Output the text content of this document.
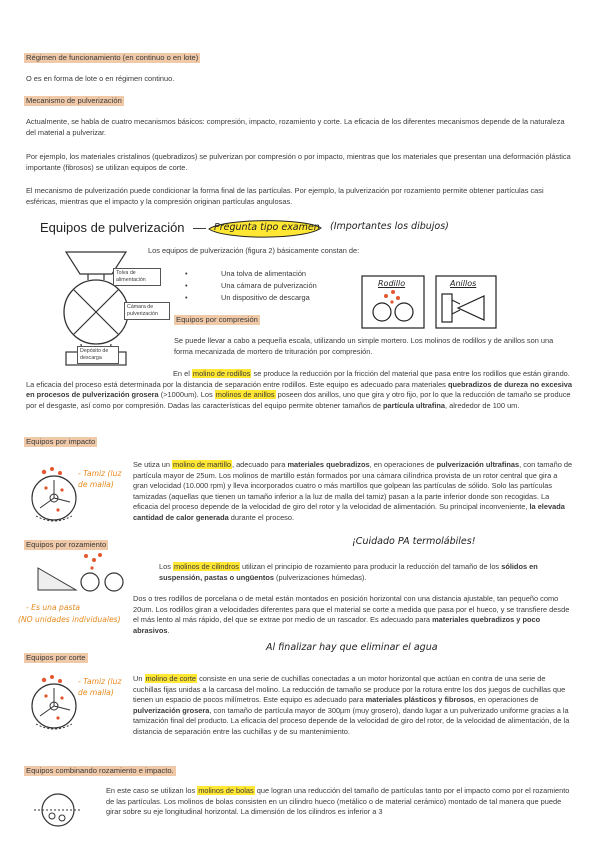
Régimen de funcionamiento (en continuo o en lote)

O es en forma de lote o en régimen continuo.

Mecanismo de pulverización

Actualmente, se habla de cuatro mecanismos básicos: compresión, impacto, rozamiento y corte. La eficacia de los diferentes mecanismos depende de la naturaleza del material a pulverizar.

Por ejemplo, los materiales cristalinos (quebradizos) se pulverizan por compresión o por impacto, mientras que los materiales que presentan una deformación plástica importante (fibrosos) se utilizan equipos de corte.

El mecanismo de pulverización puede condicionar la forma final de las partículas. Por ejemplo, la pulverización por rozamiento permite obtener partículas casi esféricas, mientras que el impacto y la compresión originan partículas angulosas.

Equipos de pulverización — Pregunta tipo examen (Importantes los dibujos)

Tolva de alimentación
Cámara de pulverización
Depósito de descarga

Los equipos de pulverización (figura 2) básicamente constan de:

• Una tolva de alimentación
• Una cámara de pulverización
• Un dispositivo de descarga

Rodillo	Anillos

Equipos por compresión

Se puede llevar a cabo a pequeña escala, utilizando un simple mortero. Los molinos de rodillos y de anillos son una forma mecanizada de mortero de trituración por compresión.

En el molino de rodillos se produce la reducción por la fricción del material que pasa entre los rodillos que están girando. La eficacia del proceso está determinada por la distancia de separación entre rodillos. Este equipo es adecuado para materiales quebradizos de dureza no excesiva en procesos de pulverización grosera (>1000um). Los molinos de anillos poseen dos anillos, uno que gira y otro fijo, por lo que la reducción de tamaño se produce por el desgaste, así como por compresión. Dadas las características del equipo permite obtener tamaños de partícula ultrafina, alrededor de 100 um.

Equipos por impacto

- Tamiz (luz de malla)

Se utiza un molino de martillo, adecuado para materiales quebradizos, en operaciones de pulverización ultrafinas, con tamaño de partícula mayor de 25um. Los molinos de martillo están formados por una cámara cilíndrica provista de un rotor central que gira a gran velocidad (10.000 rpm) y lleva incorporados cuatro o más martillos que golpean las partículas de sólido. Solo las partículas tamizadas (aquellas que tienen un tamaño inferior a la luz de malla del tamiz) pasan a la parte inferior donde son recogidas. La eficacia del proceso depende de la velocidad de giro del rotor y la velocidad de alimentación. Su principal inconveniente, la elevada cantidad de calor generada durante el proceso.

¡Cuidado PA termolábiles!

Equipos por rozamiento

- Es una pasta

(NO unidades individuales)

Los molinos de cilindros utilizan el principio de rozamiento para producir la reducción del tamaño de los sólidos en suspensión, pastas o ungüentos (pulverizaciones húmedas).

Dos o tres rodillos de porcelana o de metal están montados en posición horizontal con una distancia ajustable, tan pequeño como 20um. Los rodillos giran a velocidades diferentes para que el material se corte a medida que pasa por el hueco, y se transfiere desde el más lento al más rápido, del que se extrae por medio de un rascador. Es adecuado para materiales quebradizos y poco abrasivos.

Al finalizar hay que eliminar el agua

Equipos por corte

- Tamiz (luz de malla)

Un molino de corte consiste en una serie de cuchillas conectadas a un motor horizontal que actúan en contra de una serie de cuchillas fijas unidas a la carcasa del molino. La reducción de tamaño se produce por la rotura entre los dos juegos de cuchillas que tienen un espacio de pocos milímetros. Este equipo es adecuado para materiales plásticos y fibrosos, en operaciones de pulverización grosera, con tamaño de partícula mayor de 300µm (muy grosero), dando lugar a un pulverizado uniforme gracias a la tamización final del producto. La eficacia del proceso depende de la velocidad de giro del rotor, de la velocidad de alimentación, de la distancia de separación entre las cuchillas y de su mantenimiento.

Equipos combinando rozamiento e impacto.

En este caso se utilizan los molinos de bolas que logran una reducción del tamaño de partículas tanto por el impacto como por el rozamiento de las partículas. Los molinos de bolas consisten en un cilindro hueco (metálico o de material cerámico) montado de tal manera que puede girar sobre su eje longitudinal horizontal. La dimensión de los cilindros es inferior a 3
